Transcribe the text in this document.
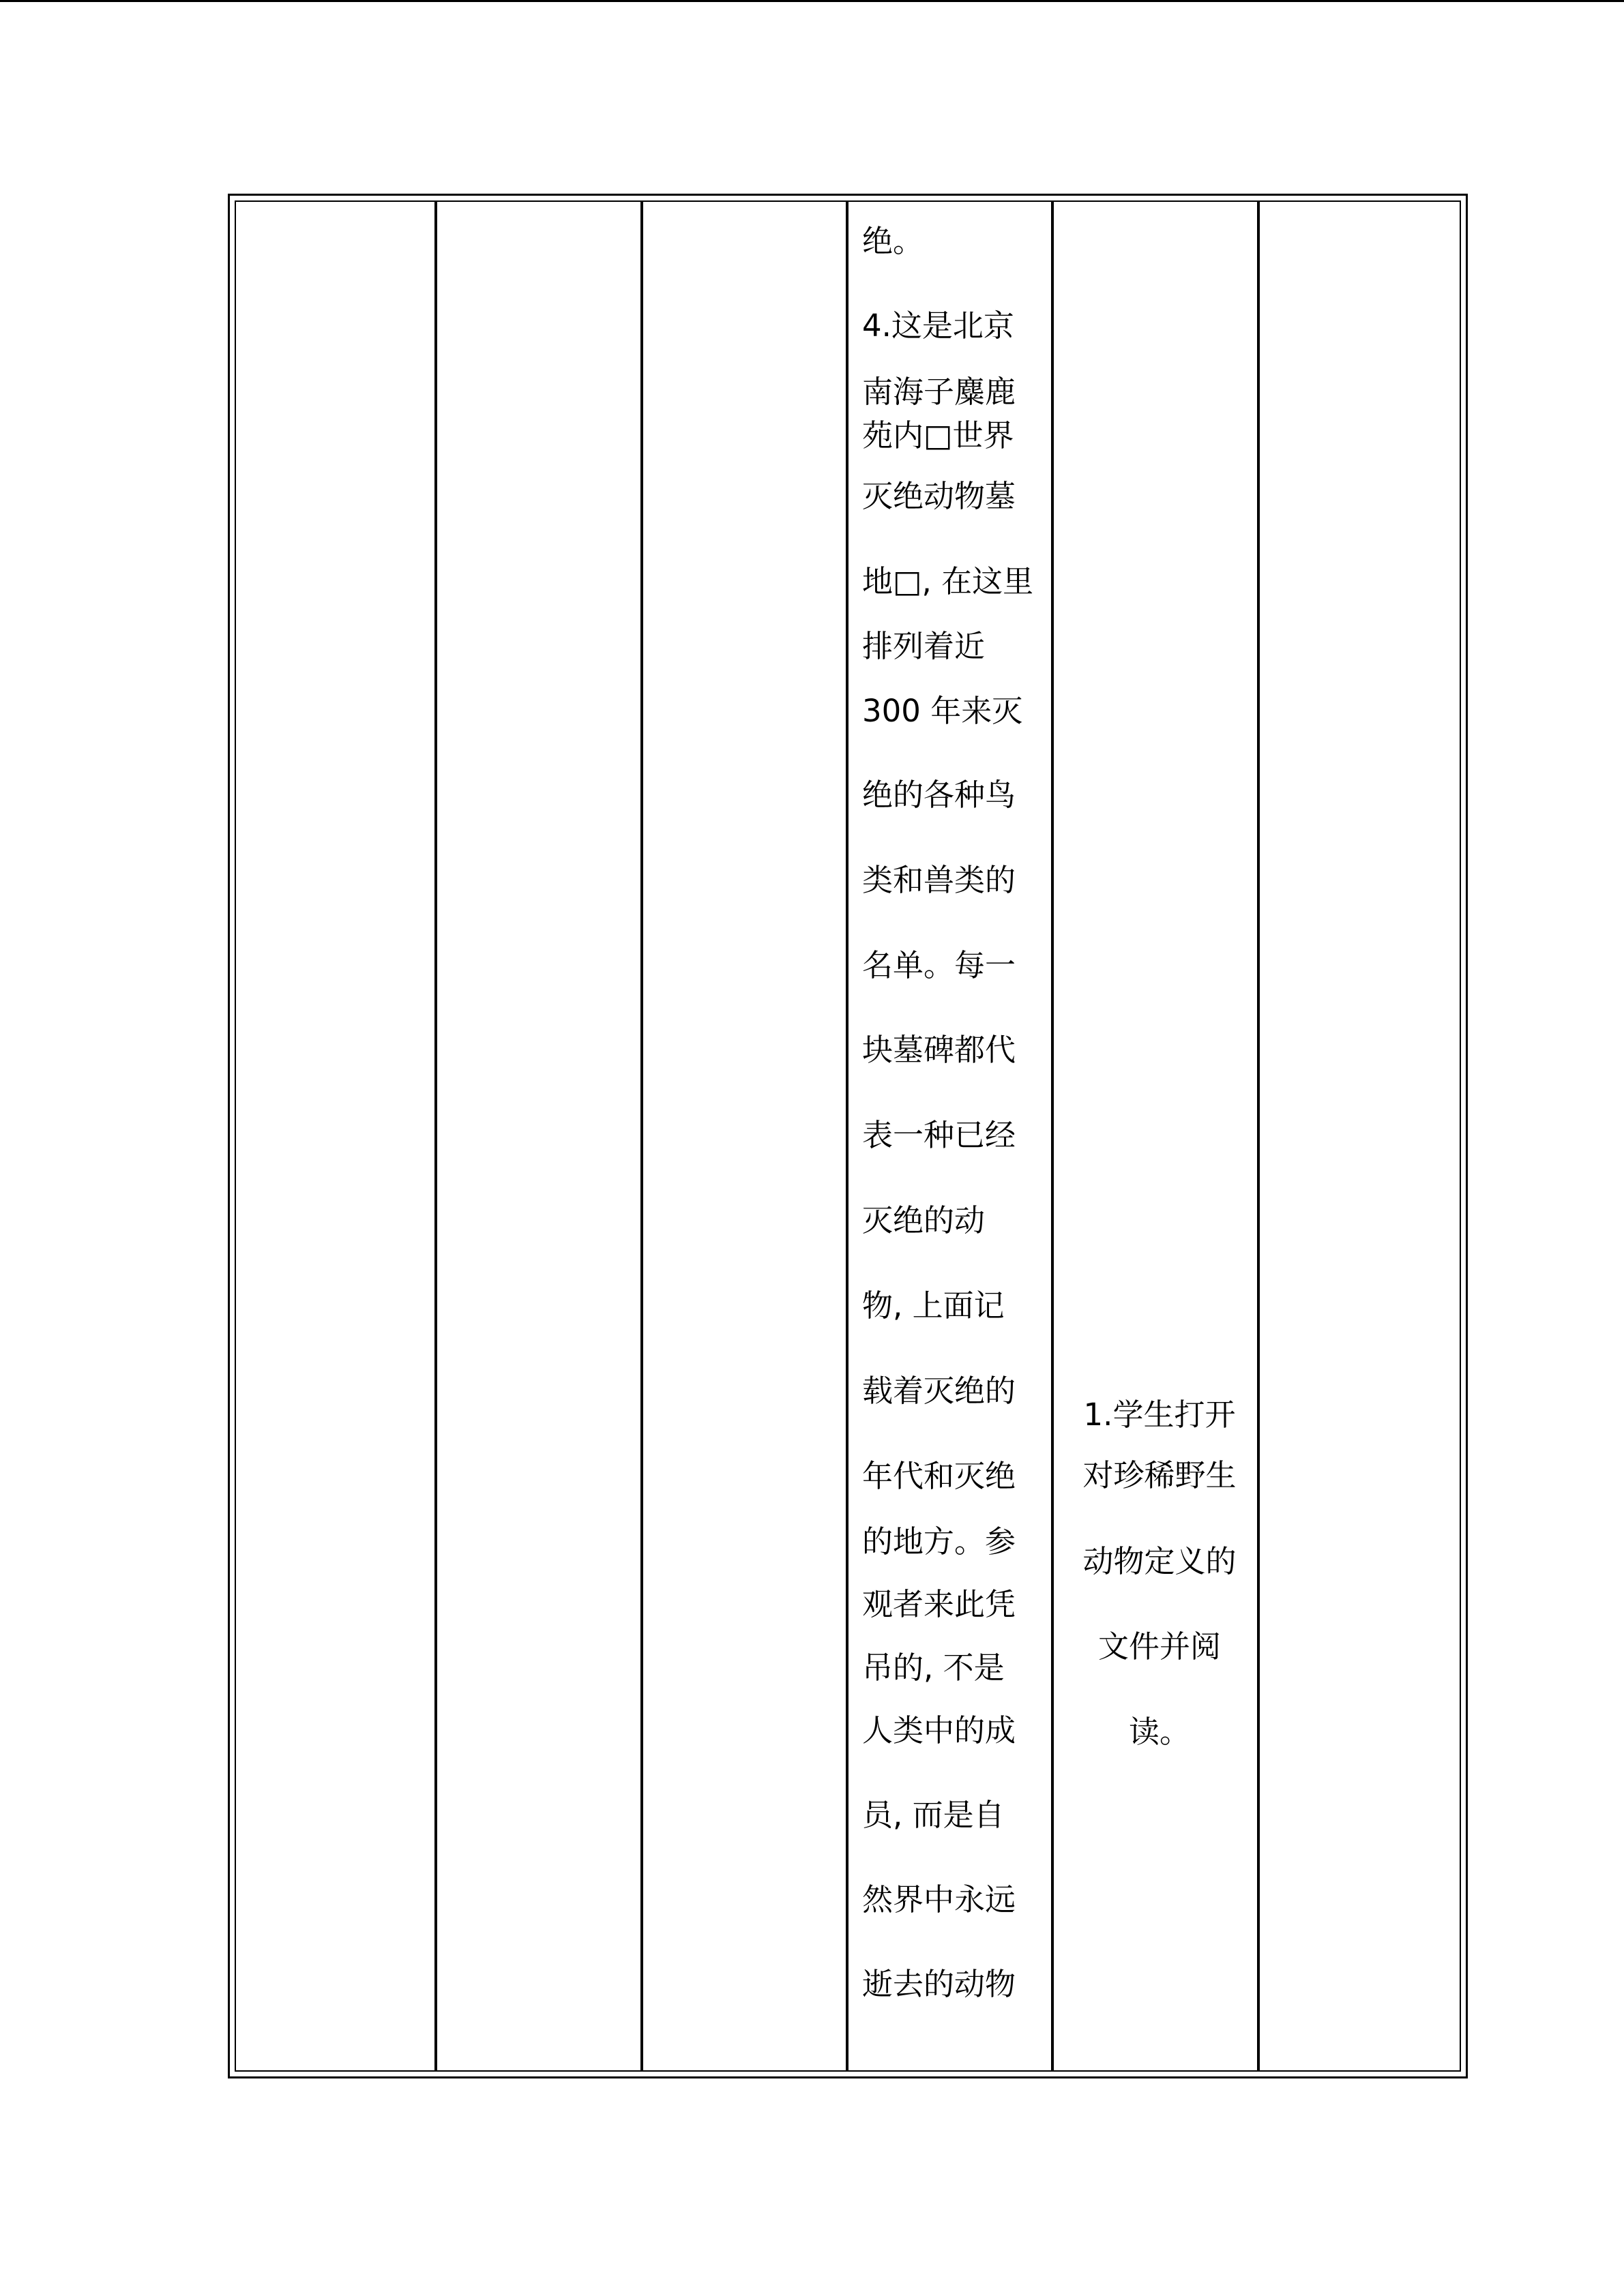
绝。
4.这是北京
南海子麋鹿
苑内□世界
灭绝动物墓
地□, 在这里
排列着近
300 年来灭
绝的各种鸟
类和兽类的
名单。每一
块墓碑都代
表一种已经
灭绝的动
物, 上面记
载着灭绝的
年代和灭绝
的地方。参
观者来此凭
吊的, 不是
人类中的成
员, 而是自
然界中永远
逝去的动物
1.学生打开
对珍稀野生
动物定义的
文件并阅
读。
